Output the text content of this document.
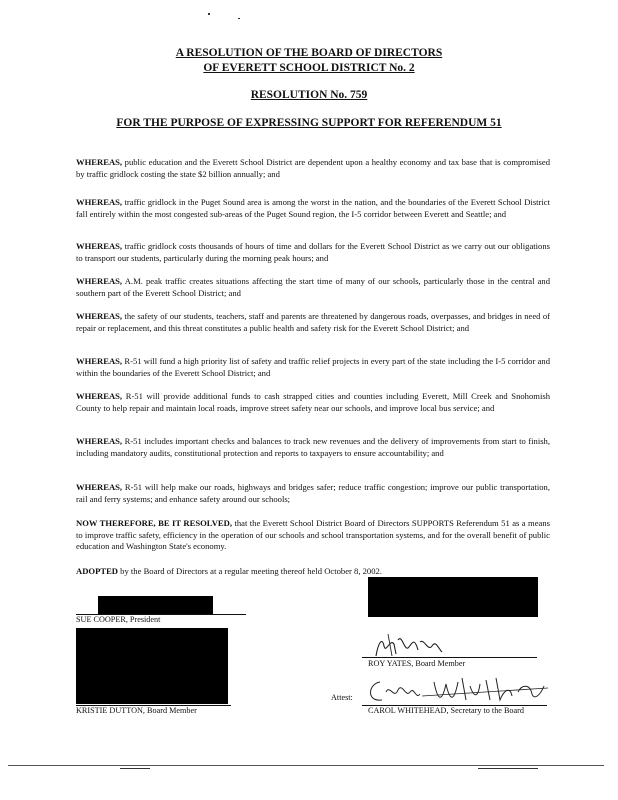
A RESOLUTION OF THE BOARD OF DIRECTORS
OF EVERETT SCHOOL DISTRICT No. 2
RESOLUTION No. 759
FOR THE PURPOSE OF EXPRESSING SUPPORT FOR REFERENDUM 51

WHEREAS, public education and the Everett School District are dependent upon a healthy economy and tax base that is compromised by traffic gridlock costing the state $2 billion annually; and

WHEREAS, traffic gridlock in the Puget Sound area is among the worst in the nation, and the boundaries of the Everett School District fall entirely within the most congested sub-areas of the Puget Sound region, the I-5 corridor between Everett and Seattle; and

WHEREAS, traffic gridlock costs thousands of hours of time and dollars for the Everett School District as we carry out our obligations to transport our students, particularly during the morning peak hours; and

WHEREAS, A.M. peak traffic creates situations affecting the start time of many of our schools, particularly those in the central and southern part of the Everett School District; and

WHEREAS, the safety of our students, teachers, staff and parents are threatened by dangerous roads, overpasses, and bridges in need of repair or replacement, and this threat constitutes a public health and safety risk for the Everett School District; and

WHEREAS, R-51 will fund a high priority list of safety and traffic relief projects in every part of the state including the I-5 corridor and within the boundaries of the Everett School District; and

WHEREAS, R-51 will provide additional funds to cash strapped cities and counties including Everett, Mill Creek and Snohomish County to help repair and maintain local roads, improve street safety near our schools, and improve local bus service; and

WHEREAS, R-51 includes important checks and balances to track new revenues and the delivery of improvements from start to finish, including mandatory audits, constitutional protection and reports to taxpayers to ensure accountability; and

WHEREAS, R-51 will help make our roads, highways and bridges safer; reduce traffic congestion; improve our public transportation, rail and ferry systems; and enhance safety around our schools;

NOW THEREFORE, BE IT RESOLVED, that the Everett School District Board of Directors SUPPORTS Referendum 51 as a means to improve traffic safety, efficiency in the operation of our schools and school transportation systems, and for the overall benefit of public education and Washington State's economy.

ADOPTED by the Board of Directors at a regular meeting thereof held October 8, 2002.

SUE COOPER, President
ROY YATES, Board Member
KRISTIE DUTTON, Board Member
Attest:
CAROL WHITEHEAD, Secretary to the Board
